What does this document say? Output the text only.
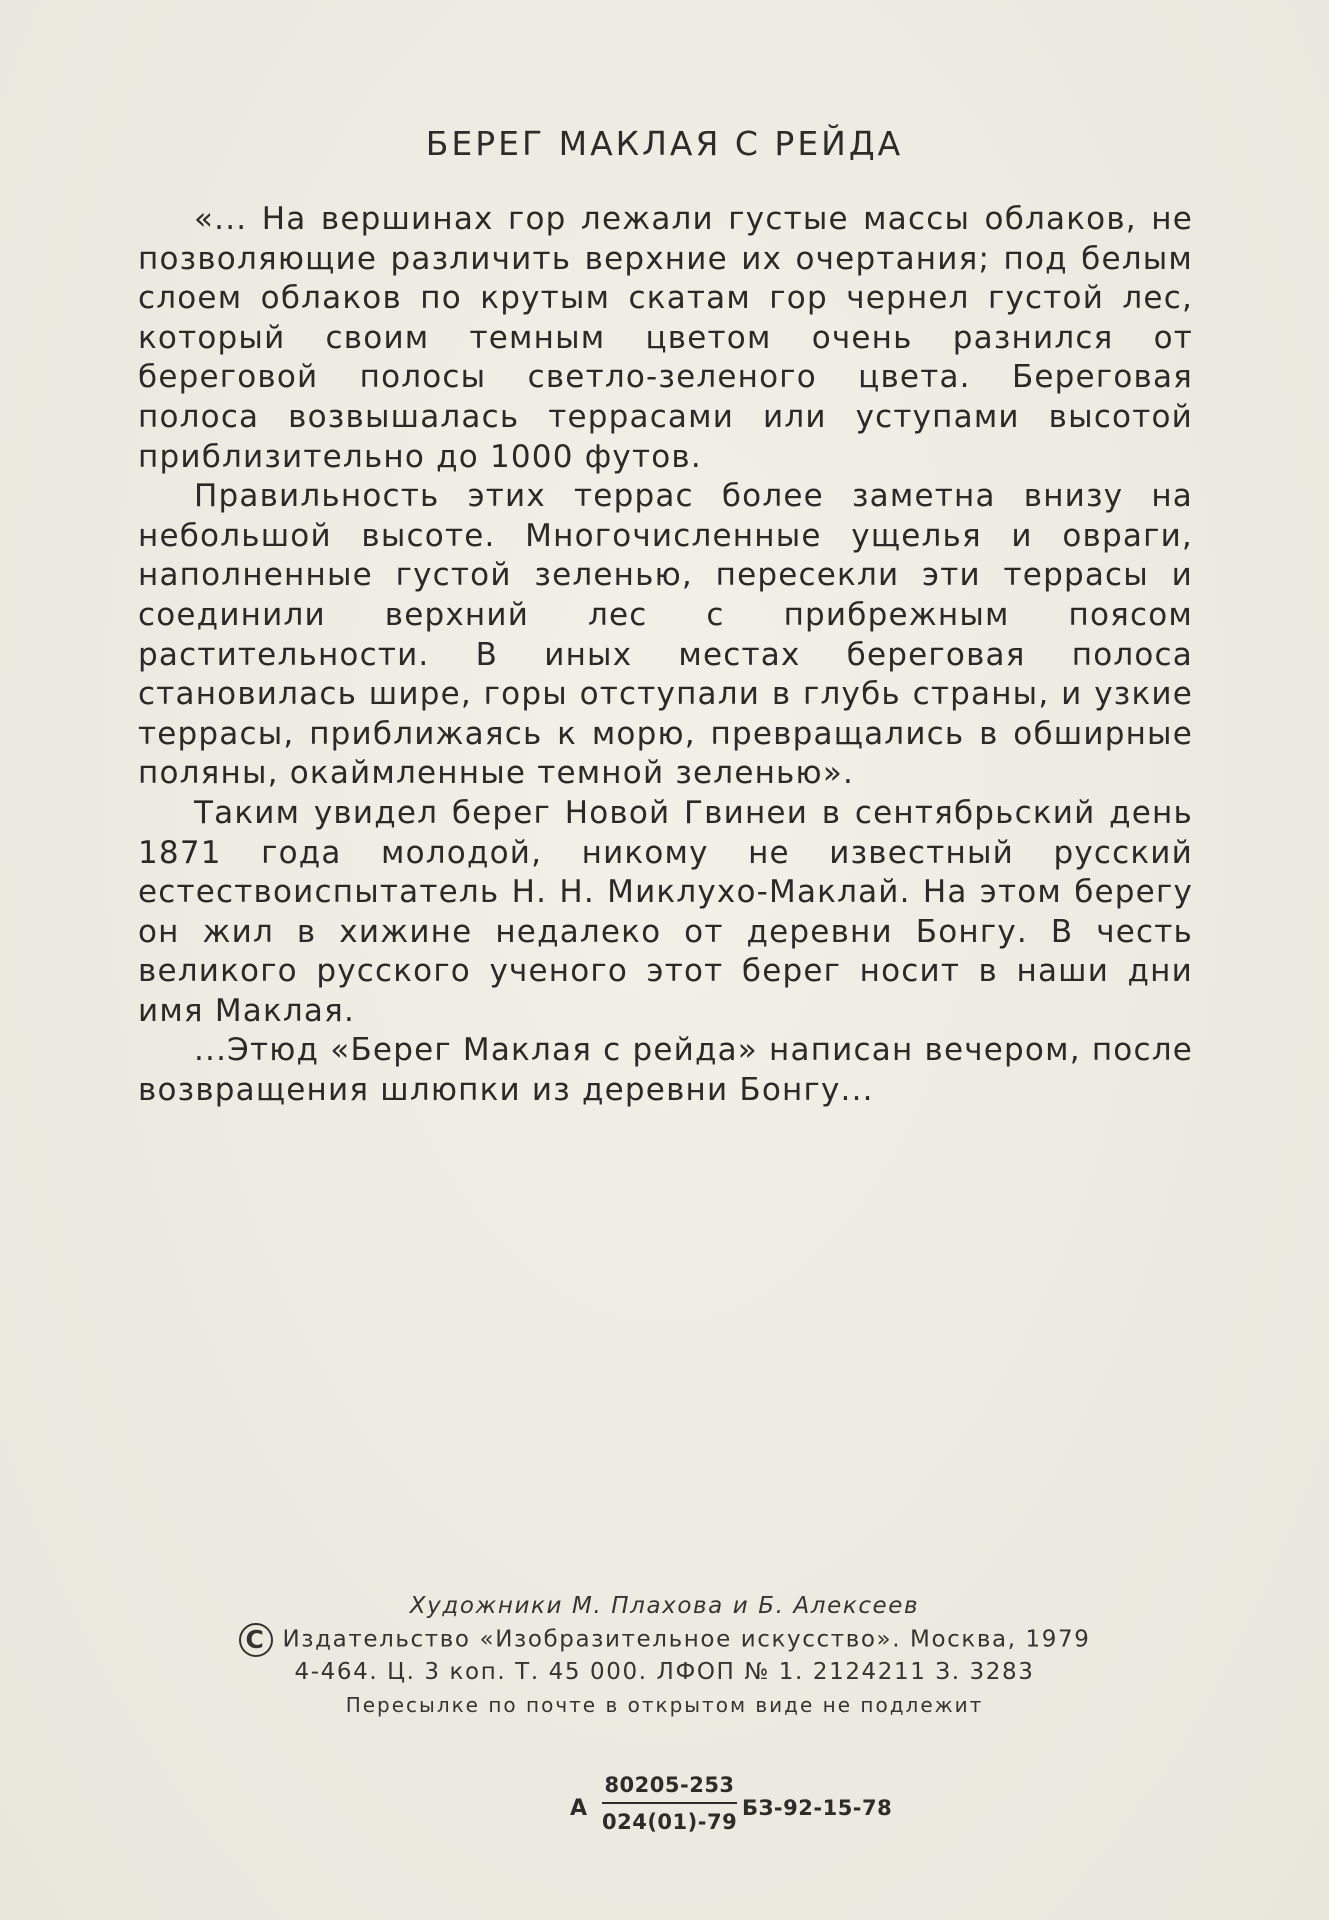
БЕРЕГ МАКЛАЯ С РЕЙДА

«... На вершинах гор лежали густые массы облаков, не позволяющие различить верхние их очертания; под белым слоем облаков по крутым скатам гор чернел густой лес, который своим темным цветом очень разнился от береговой полосы светло-зеленого цвета. Береговая полоса возвышалась террасами или уступами высотой приблизительно до 1000 футов.

Правильность этих террас более заметна внизу на небольшой высоте. Многочисленные ущелья и овраги, наполненные густой зеленью, пересекли эти террасы и соединили верхний лес с прибрежным поясом растительности. В иных местах береговая полоса становилась шире, горы отступали в глубь страны, и узкие террасы, приближаясь к морю, превращались в обширные поляны, окаймленные темной зеленью».

Таким увидел берег Новой Гвинеи в сентябрьский день 1871 года молодой, никому не известный русский естествоиспытатель Н. Н. Миклухо-Маклай. На этом берегу он жил в хижине недалеко от деревни Бонгу. В честь великого русского ученого этот берег носит в наши дни имя Маклая.

...Этюд «Берег Маклая с рейда» написан вечером, после возвращения шлюпки из деревни Бонгу...

Художники М. Плахова и Б. Алексеев
C Издательство «Изобразительное искусство». Москва, 1979
4-464. Ц. 3 коп. Т. 45 000. ЛФОП № 1. 2124211 З. 3283
Пересылке по почте в открытом виде не подлежит
А
80205-253
024(01)-79
БЗ-92-15-78
